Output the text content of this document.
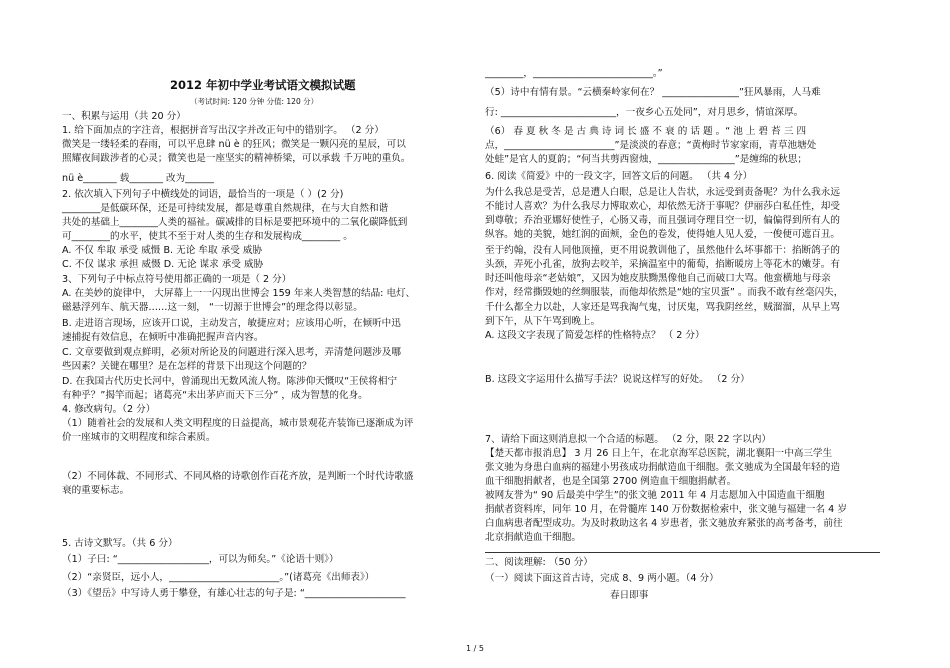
2012 年初中学业考试语文模拟试题
（考试时间: 120 分钟 分值: 120 分）
一、积累与运用（共 20 分）
1. 给下面加点的字注音，根据拼音写出汉字并改正句中的错别字。 （2 分）
微笑是一缕轻柔的春雨，可以平息肆 nü è 的狂风；微笑是一颗闪亮的星辰，可以
照耀夜间跋涉者的心灵；微笑也是一座坚实的精神桥梁，可以承载 千万吨的重负。
nü è_______ 载_______ 改为______
2. 依次填入下列句子中横线处的词语，最恰当的一项是（ ）(2 分)
________是低碳环保，还是可持续发展，都是尊重自然规律，在与大自然和谐
共处的基础上________人类的福祉。碳减排的目标是要把环境中的二氧化碳降低到
可________的水平，使其不至于对人类的生存和发展构成________ 。
A. 不仅 牟取 承受 威慑 B. 无论 牟取 承受 威胁
C. 不仅 谋求 承担 威慑 D. 无论 谋求 承受 威胁
3、下列句子中标点符号使用都正确的一项是（ 2 分）
A. 在美妙的旋律中， 大屏幕上一一闪现出世博会 159 年来人类智慧的结晶: 电灯、
磁悬浮列车、航天器……这一刻， “一切源于世博会”的理念得以彰显。
B. 走进语言现场，应该开口说，主动发言，敏捷应对；应该用心听，在倾听中迅
速捕捉有效信息，在倾听中准确把握声音内容。
C. 文章要做到观点鲜明，必须对所论及的问题进行深入思考，弄清楚问题涉及哪
些因素？关键在哪里？是在怎样的背景下出现这个问题的？
D. 在我国古代历史长河中，曾涌现出无数风流人物。陈涉仰天慨叹“王侯将相宁
有种乎？”揭竿而起；诸葛亮“未出茅庐而天下三分” ，成为智慧的化身。
4. 修改病句。（2 分）
（1）随着社会的发展和人类文明程度的日益提高，城市景观花卉装饰已逐渐成为评
价一座城市的文明程度和综合素质。
（2）不同体裁、不同形式、不同风格的诗歌创作百花齐放，是判断一个时代诗歌盛
衰的重要标志。
5. 古诗文默写。（共 6 分）
（1）子曰: “___________________，可以为师矣。”《论语十则》）
（2）“亲贤臣，远小人，_______________________。”(诸葛亮《出师表》）
（3）《望岳》中写诗人勇于攀登，有雄心壮志的句子是: “_____________________
________，_________________________。”
（5）诗中有情有景。“云横秦岭家何在？ ________________”狂风暴雨，人马难
行: ________________________，一夜乡心五处同”，对月思乡，情谊深厚。
（6） 春 夏 秋 冬 是 古 典 诗 词 长 盛 不 衰 的 话 题 。“ 池 上 碧 苔 三 四
点，_______________________”是淡淡的春意；“黄梅时节家家雨，青草池塘处
处蛙”是官人的夏韵；“何当共剪西窗烛，________________”是缠绵的秋思；
6. 阅读《简爱》中的一段文字，回答文后的问题。 （共 4 分）
为什么我总是受苦，总是遭人白眼，总是让人告状，永远受到责备呢？为什么我永远
不能讨人喜欢？为什么我尽力博取欢心，却依然无济于事呢？伊丽莎白私任性，却受
到尊敬；乔治亚娜好使性子，心肠又毒，而且强词夺理目空一切，偏偏得到所有人的
纵容。她的美貌，她红润的面颊，金色的卷发，使得她人见人爱，一俊便可遮百丑。
至于约翰，没有人同他顶撞，更不用说教训他了，虽然他什么坏事都干：掐断鸽子的
头颈，弄死小孔雀，放狗去咬羊，采摘温室中的葡萄，掐断暖房上等花木的嫩芽。有
时还叫他母亲“老姑娘”，又因为她皮肤黝黑像他自己而破口大骂。他蛮横地与母亲
作对，经常撕毁她的丝绸服装，而他却依然是“她的宝贝蛋” 。而我不敢有丝毫闪失，
千什么都全力以赴，人家还是骂我淘气鬼，讨厌鬼，骂我阴丝丝，贼溜溜，从早上骂
到下午，从下午骂到晚上。
A. 这段文字表现了简爱怎样的性格特点？ （ 2 分）
B. 这段文字运用什么描写手法？说说这样写的好处。 （2 分）
7、请给下面这则消息拟一个合适的标题。 （2 分，限 22 字以内）
【楚天都市报消息】 3 月 26 日上午，在北京海军总医院，湖北襄阳一中高三学生
张文驰为身患白血病的福建小男孩成功捐献造血干细胞。张文驰成为全国最年轻的造
血干细胞捐献者，也是全国第 2700 例造血干细胞捐献者。
被网友誉为“ 90 后最美中学生”的张文驰 2011 年 4 月志愿加入中国造血干细胞
捐献者资料库，同年 10 月，在骨髓库 140 万份数据检索中，张文驰与福建一名 4 岁
白血病患者配型成功。为及时救助这名 4 岁患者，张文驰放弃紧张的高考备考，前往
北京捐献造血干细胞。
二、阅读理解: （50 分）
（一）阅读下面这首古诗，完成 8、9 两小题。（4 分）
春日即事
1 / 5
